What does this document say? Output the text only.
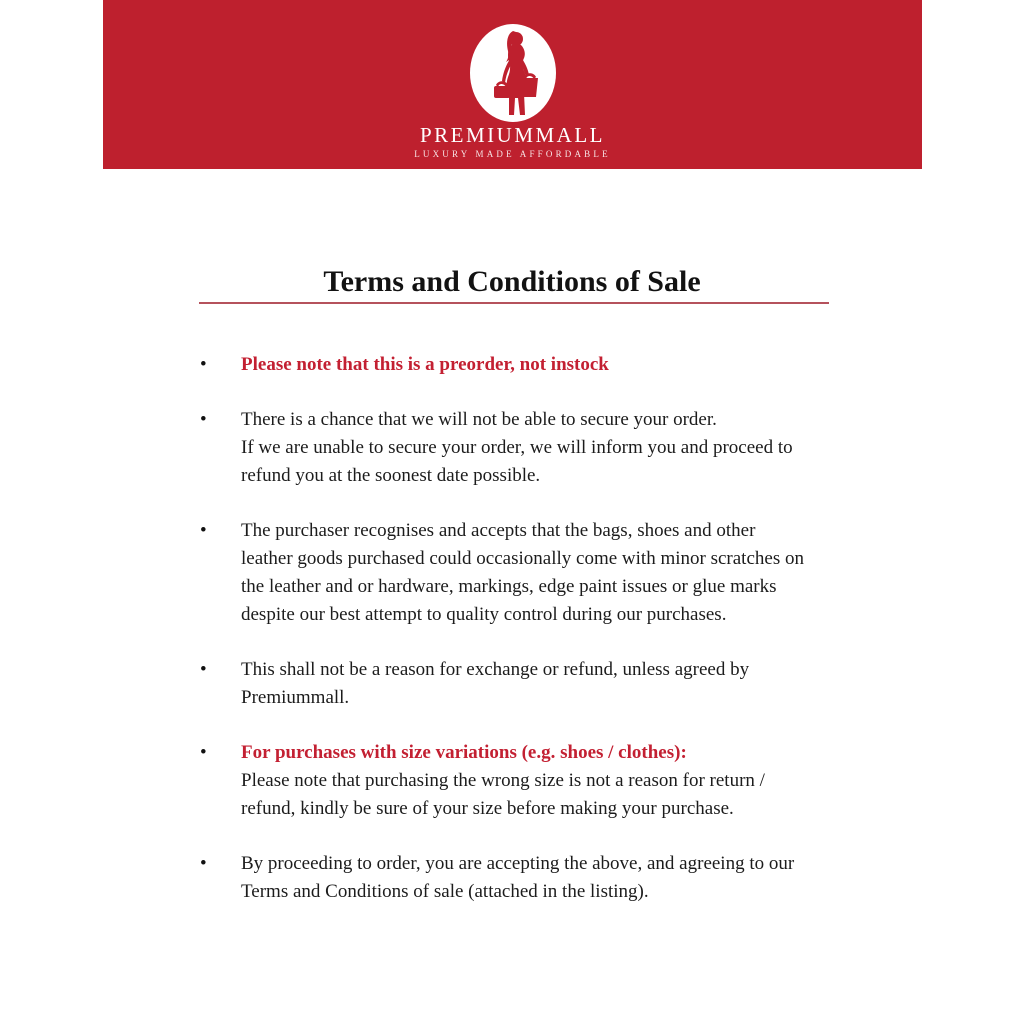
PREMIUMMALL
LUXURY MADE AFFORDABLE
Terms and Conditions of Sale
• Please note that this is a preorder, not instock
• There is a chance that we will not be able to secure your order.
If we are unable to secure your order, we will inform you and proceed to
refund you at the soonest date possible.
• The purchaser recognises and accepts that the bags, shoes and other
leather goods purchased could occasionally come with minor scratches on
the leather and or hardware, markings, edge paint issues or glue marks
despite our best attempt to quality control during our purchases.
• This shall not be a reason for exchange or refund, unless agreed by
Premiummall.
• For purchases with size variations (e.g. shoes / clothes):
Please note that purchasing the wrong size is not a reason for return /
refund, kindly be sure of your size before making your purchase.
• By proceeding to order, you are accepting the above, and agreeing to our
Terms and Conditions of sale (attached in the listing).
